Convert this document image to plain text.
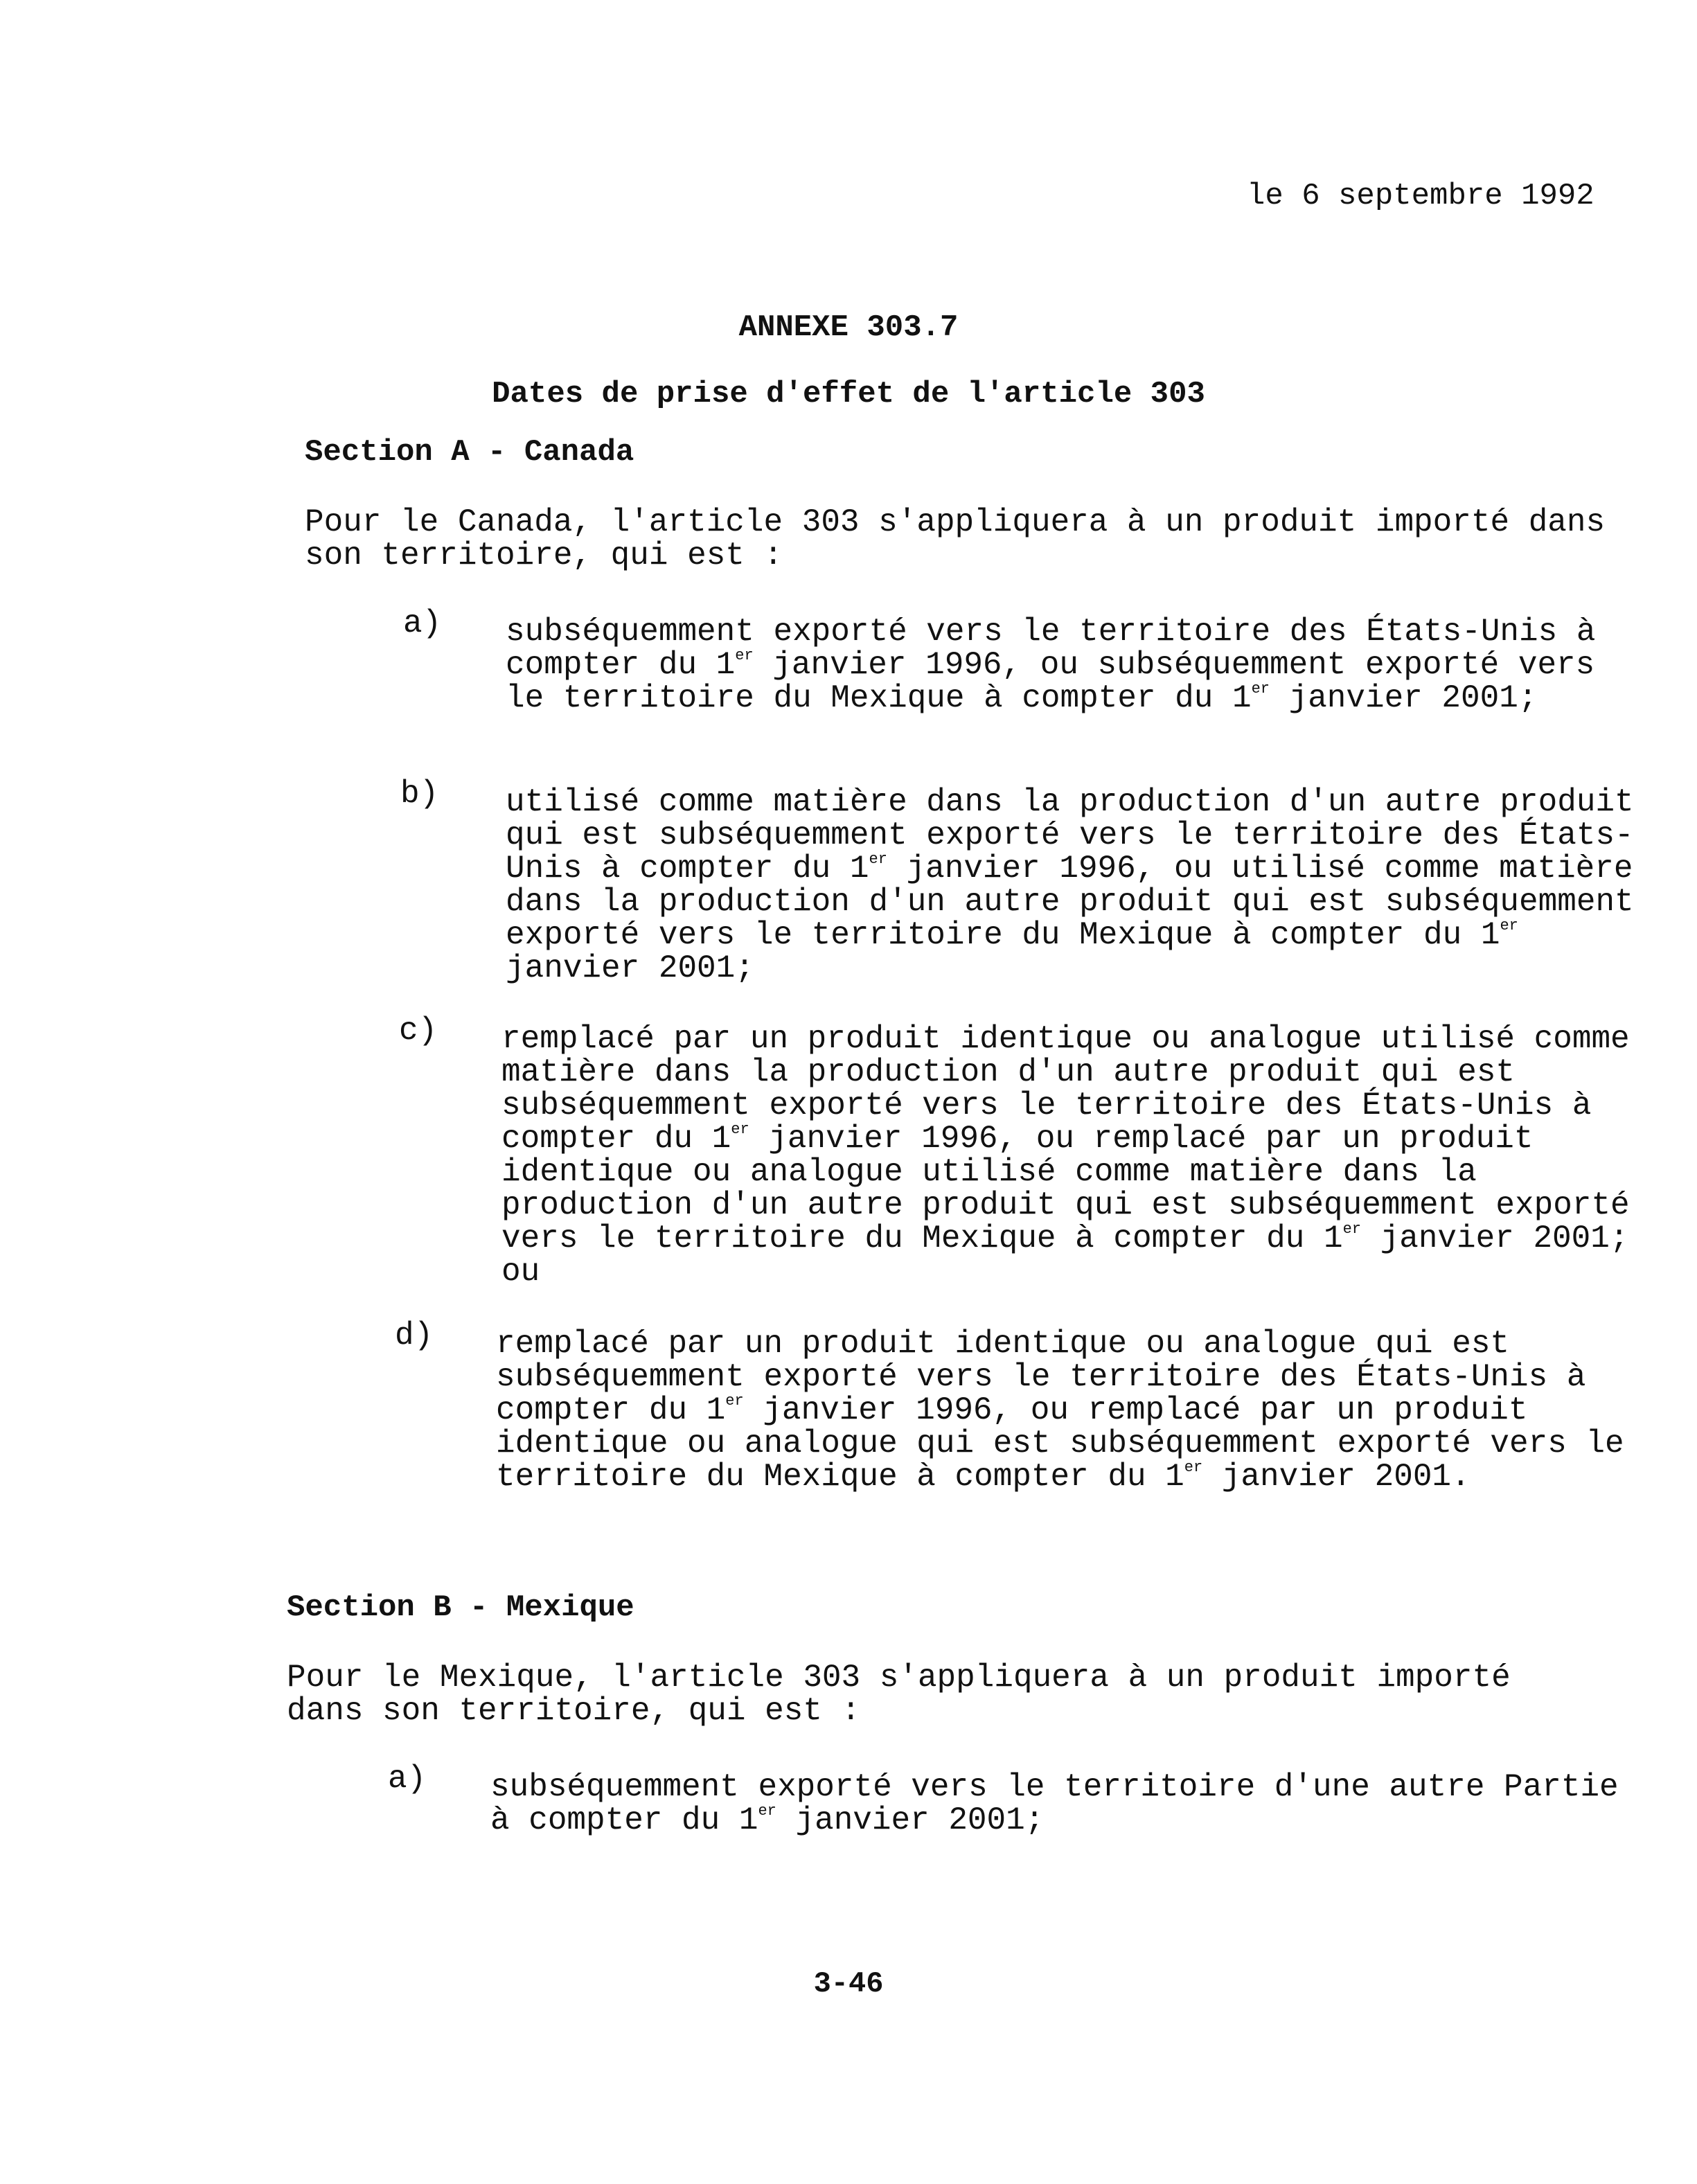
le 6 septembre 1992
ANNEXE 303.7
Dates de prise d'effet de l'article 303
Section A - Canada
Pour le Canada, l'article 303 s'appliquera à un produit importé dans son territoire, qui est :
a) subséquemment exporté vers le territoire des États-Unis à compter du 1er janvier 1996, ou subséquemment exporté vers le territoire du Mexique à compter du 1er janvier 2001;
b) utilisé comme matière dans la production d'un autre produit qui est subséquemment exporté vers le territoire des États-Unis à compter du 1er janvier 1996, ou utilisé comme matière dans la production d'un autre produit qui est subséquemment exporté vers le territoire du Mexique à compter du 1er janvier 2001;
c) remplacé par un produit identique ou analogue utilisé comme matière dans la production d'un autre produit qui est subséquemment exporté vers le territoire des États-Unis à compter du 1er janvier 1996, ou remplacé par un produit identique ou analogue utilisé comme matière dans la production d'un autre produit qui est subséquemment exporté vers le territoire du Mexique à compter du 1er janvier 2001; ou
d) remplacé par un produit identique ou analogue qui est subséquemment exporté vers le territoire des États-Unis à compter du 1er janvier 1996, ou remplacé par un produit identique ou analogue qui est subséquemment exporté vers le territoire du Mexique à compter du 1er janvier 2001.
Section B - Mexique
Pour le Mexique, l'article 303 s'appliquera à un produit importé dans son territoire, qui est :
a) subséquemment exporté vers le territoire d'une autre Partie à compter du 1er janvier 2001;
3-46
